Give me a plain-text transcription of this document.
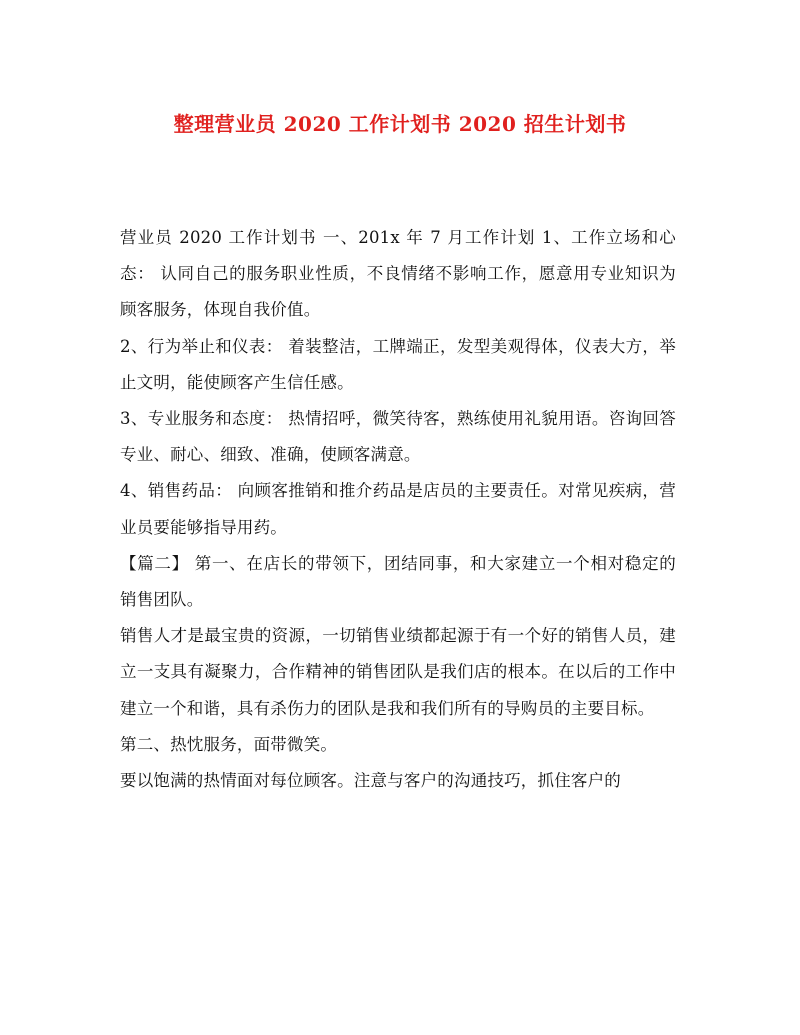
整理营业员 2020 工作计划书 2020 招生计划书

营业员 2020 工作计划书 一、201x 年 7 月工作计划 1、工作立场和心态： 认同自己的服务职业性质，不良情绪不影响工作，愿意用专业知识为顾客服务，体现自我价值。

2、行为举止和仪表： 着装整洁，工牌端正，发型美观得体，仪表大方，举止文明，能使顾客产生信任感。

3、专业服务和态度： 热情招呼，微笑待客，熟练使用礼貌用语。咨询回答专业、耐心、细致、准确，使顾客满意。

4、销售药品： 向顾客推销和推介药品是店员的主要责任。对常见疾病，营业员要能够指导用药。

【篇二】 第一、在店长的带领下，团结同事，和大家建立一个相对稳定的销售团队。

销售人才是最宝贵的资源，一切销售业绩都起源于有一个好的销售人员，建立一支具有凝聚力，合作精神的销售团队是我们店的根本。在以后的工作中建立一个和谐，具有杀伤力的团队是我和我们所有的导购员的主要目标。

第二、热忱服务，面带微笑。

要以饱满的热情面对每位顾客。注意与客户的沟通技巧，抓住客户的
